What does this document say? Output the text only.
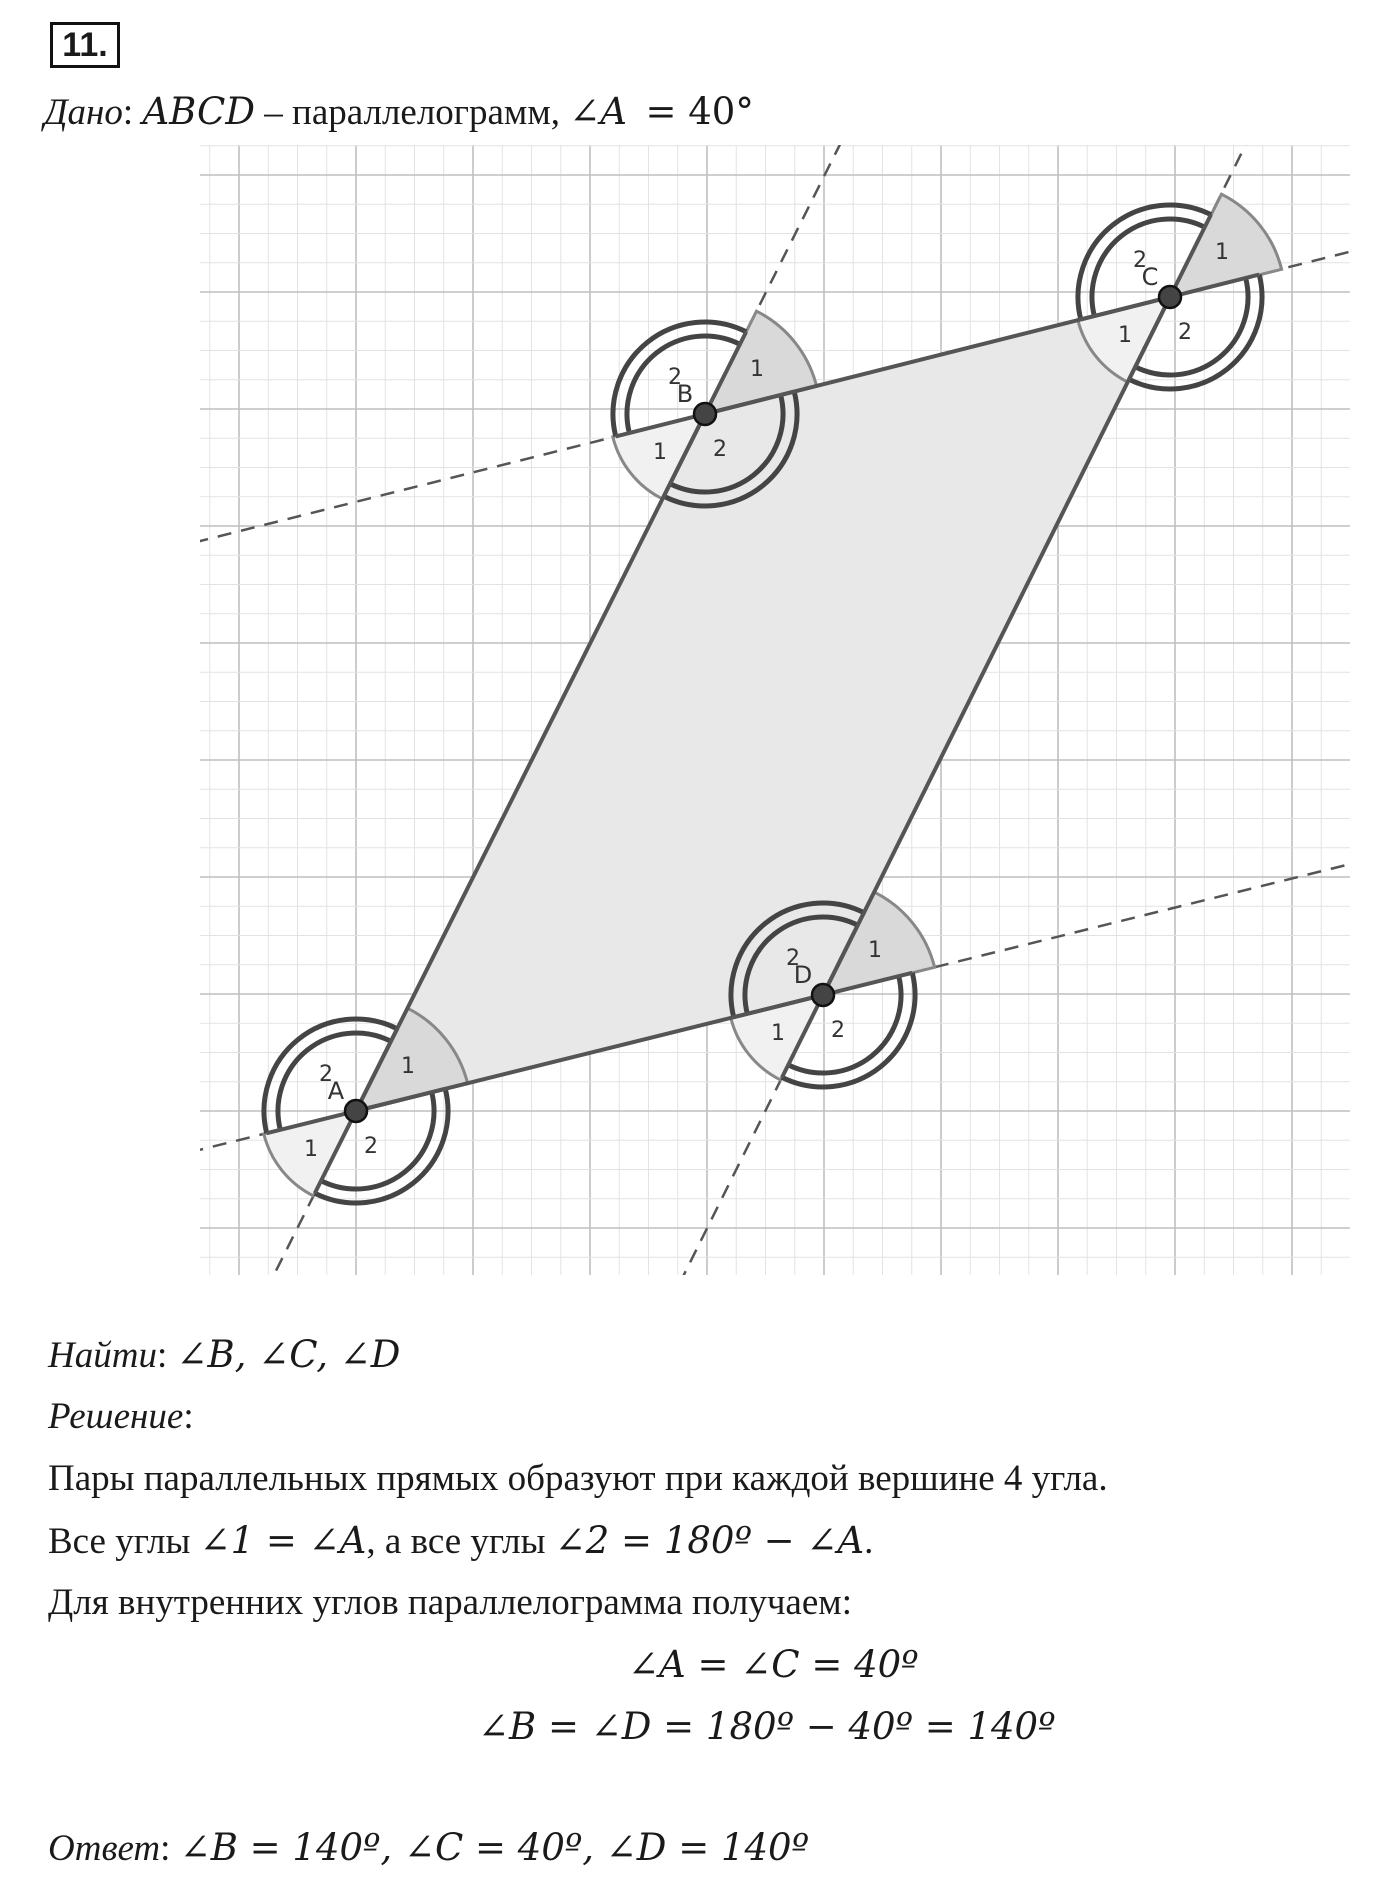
11.
Дано: ABCD – параллелограмм, ∠A = 40°
A
1
1 2
2
B
1
1 2
2
C
1
1 2
2
D
1
1 2
2
Найти: ∠B, ∠C, ∠D
Решение:
Пары параллельных прямых образуют при каждой вершине 4 угла.
Все углы ∠1 = ∠A, а все углы ∠2 = 180º − ∠A.
Для внутренних углов параллелограмма получаем:
∠A = ∠C = 40º
∠B = ∠D = 180º − 40º = 140º
Ответ: ∠B = 140º, ∠C = 40º, ∠D = 140º
